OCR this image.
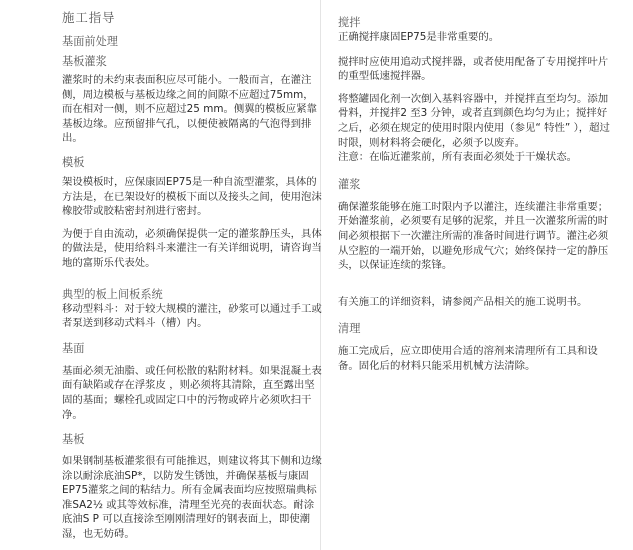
施工指导
基面前处理
基板灌浆
灌浆时的未约束表面积应尽可能小。一般而言，在灌注侧，周边模板与基板边缘之间的间隙不应超过75mm，而在相对一侧，则不应超过25 mm。侧翼的模板应紧靠基板边缘。应预留排气孔，以便使被隔离的气泡得到排出。
模板
架设模板时，应保康固EP75是一种自流型灌浆，具体的方法是，在已架设好的模板下面以及接头之间，使用泡沫橡胶带或胶粘密封剂进行密封。
为便于自由流动，必须确保提供一定的灌浆静压头，具体的做法是，使用给料斗来灌注一有关详细说明，请咨询当地的富斯乐代表处。
典型的板上间板系统
移动型料斗：对于较大规模的灌注，砂浆可以通过手工或者泵送到移动式料斗（槽）内。
基面
基面必须无油脂、或任何松散的粘附材料。如果混凝土表面有缺陷或存在浮浆皮 ，则必须将其清除，直至露出坚固的基面；螺栓孔或固定口中的污物或碎片必须吹扫干净。
基板
如果钢制基板灌浆很有可能推迟，则建议将其下侧和边缘涂以耐涂底油SP*，以防发生锈蚀，并确保基板与康固EP75灌浆之间的粘结力。所有金属表面均应按照瑞典标准SA2½ 或其等效标准，清理至光亮的表面状态。耐涂底油S P 可以直接涂至刚刚清理好的钢表面上，即使潮湿，也无妨碍。
搅拌
正确搅拌康固EP75是非常重要的。
搅拌时应使用追动式搅拌器，或者使用配备了专用搅拌叶片的重型低速搅拌器。
将整罐固化剂一次倒入基料容器中，并搅拌直至均匀。添加骨料，并搅拌2 至3 分钟，或者直到颜色均匀为止；搅拌好之后，必须在规定的使用时限内使用（参见“ 特性” ），超过时限，则材料将会硬化，必须予以废弃。
注意：在临近灌浆前，所有表面必须处于干燥状态。
灌浆
确保灌浆能够在施工时限内予以灌注，连续灌注非常重要；开始灌浆前，必须要有足够的泥浆，并且一次灌浆所需的时间必须根据下一次灌注所需的准备时间进行调节。灌注必须从空腔的一端开始，以避免形成气穴；始终保持一定的静压头，以保证连续的浆锋。
有关施工的详细资料，请参阅产品相关的施工说明书。
清理
施工完成后，应立即使用合适的溶剂来清理所有工具和设备。固化后的材料只能采用机械方法清除。
